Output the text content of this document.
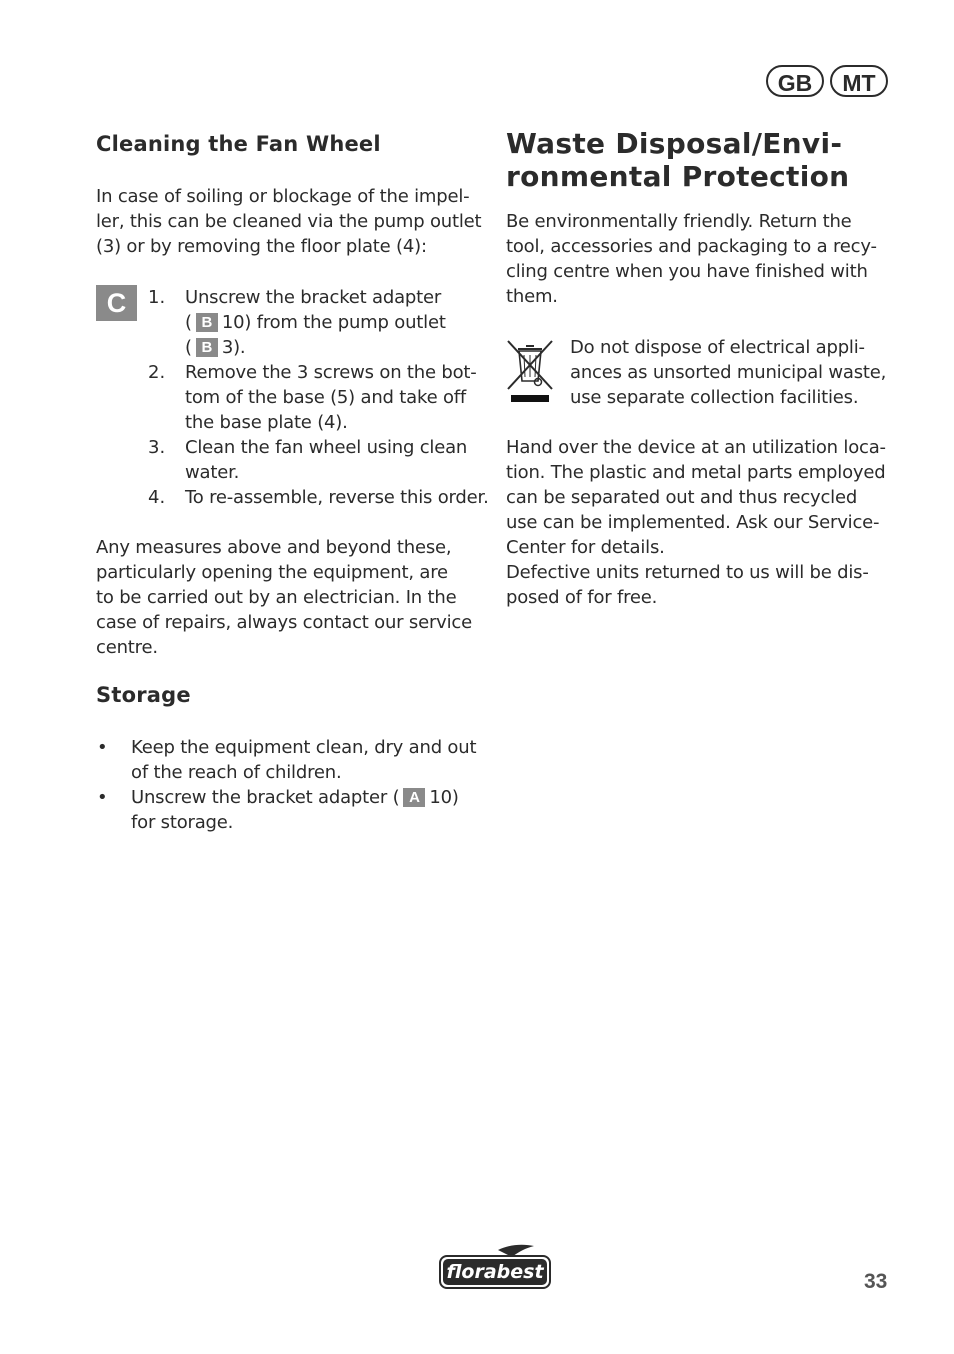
GB	MT
Cleaning the Fan Wheel
In case of soiling or blockage of the impel-
ler, this can be cleaned via the pump outlet
(3) or by removing the floor plate (4):
C	1. Unscrew the bracket adapter
( B 10) from the pump outlet
( B 3).
2. Remove the 3 screws on the bot-
tom of the base (5) and take off
the base plate (4).
3. Clean the fan wheel using clean
water.
4. To re-assemble, reverse this order.
Any measures above and beyond these,
particularly opening the equipment, are
to be carried out by an electrician. In the
case of repairs, always contact our service
centre.
Storage
• Keep the equipment clean, dry and out
of the reach of children.
• Unscrew the bracket adapter ( A 10)
for storage.
Waste Disposal/Envi-
ronmental Protection
Be environmentally friendly. Return the
tool, accessories and packaging to a recy-
cling centre when you have finished with
them.
Do not dispose of electrical appli-
ances as unsorted municipal waste,
use separate collection facilities.
Hand over the device at an utilization loca-
tion. The plastic and metal parts employed
can be separated out and thus recycled
use can be implemented. Ask our Service-
Center for details.
Defective units returned to us will be dis-
posed of for free.
florabest	33
